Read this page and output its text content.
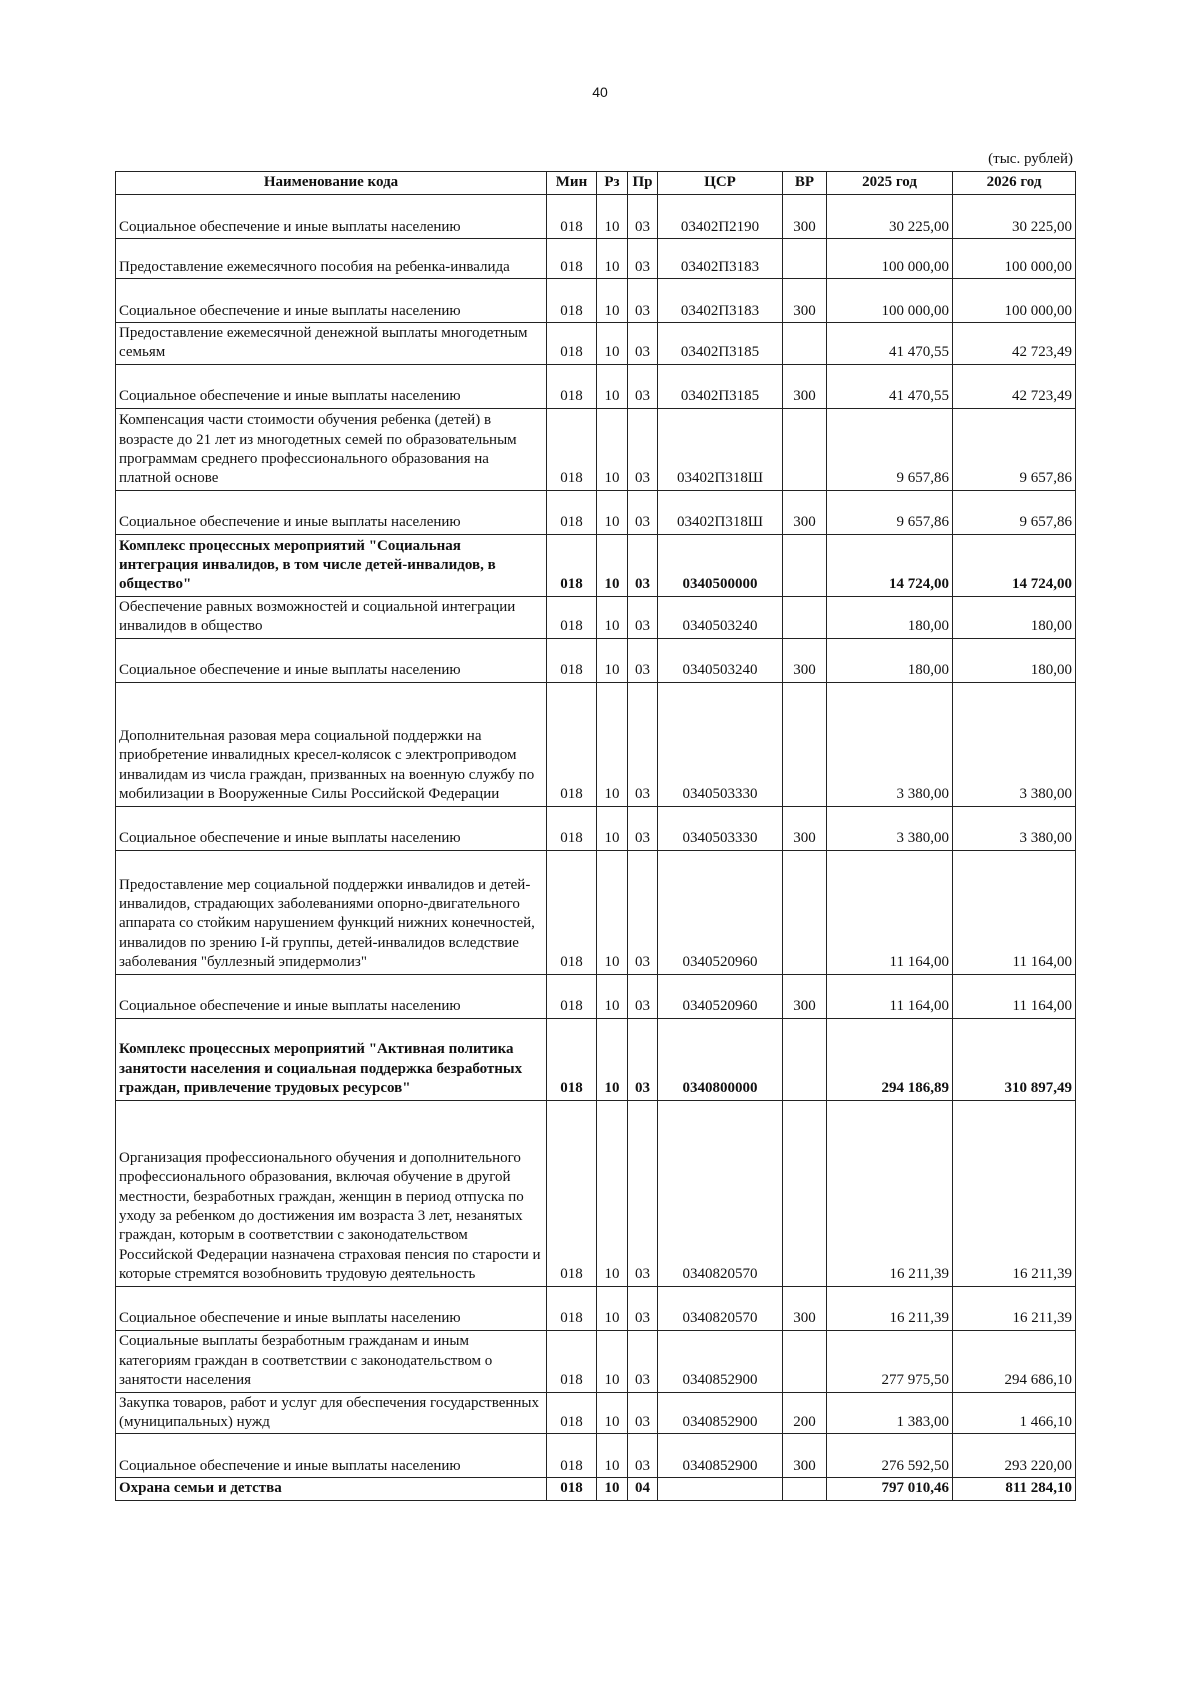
40
(тыс. рублей)
Наименование кода	Мин	Рз	Пр	ЦСР	ВР	2025 год	2026 год
Социальное обеспечение и иные выплаты населению	018	10	03	03402П2190	300	30 225,00	30 225,00
Предоставление ежемесячного пособия на ребенка-инвалида	018	10	03	03402П3183		100 000,00	100 000,00
Социальное обеспечение и иные выплаты населению	018	10	03	03402П3183	300	100 000,00	100 000,00
Предоставление ежемесячной денежной выплаты многодетным семьям	018	10	03	03402П3185		41 470,55	42 723,49
Социальное обеспечение и иные выплаты населению	018	10	03	03402П3185	300	41 470,55	42 723,49
Компенсация части стоимости обучения ребенка (детей) в возрасте до 21 лет из многодетных семей по образовательным программам среднего профессионального образования на платной основе	018	10	03	03402П318Ш		9 657,86	9 657,86
Социальное обеспечение и иные выплаты населению	018	10	03	03402П318Ш	300	9 657,86	9 657,86
Комплекс процессных мероприятий "Социальная интеграция инвалидов, в том числе детей-инвалидов, в общество"	018	10	03	0340500000		14 724,00	14 724,00
Обеспечение равных возможностей и социальной интеграции инвалидов в общество	018	10	03	0340503240		180,00	180,00
Социальное обеспечение и иные выплаты населению	018	10	03	0340503240	300	180,00	180,00
Дополнительная разовая мера социальной поддержки на приобретение инвалидных кресел-колясок с электроприводом инвалидам из числа граждан, призванных на военную службу по мобилизации в Вооруженные Силы Российской Федерации	018	10	03	0340503330		3 380,00	3 380,00
Социальное обеспечение и иные выплаты населению	018	10	03	0340503330	300	3 380,00	3 380,00
Предоставление мер социальной поддержки инвалидов и детей-инвалидов, страдающих заболеваниями опорно-двигательного аппарата со стойким нарушением функций нижних конечностей, инвалидов по зрению I-й группы, детей-инвалидов вследствие заболевания "буллезный эпидермолиз"	018	10	03	0340520960		11 164,00	11 164,00
Социальное обеспечение и иные выплаты населению	018	10	03	0340520960	300	11 164,00	11 164,00
Комплекс процессных мероприятий "Активная политика занятости населения и социальная поддержка безработных граждан, привлечение трудовых ресурсов"	018	10	03	0340800000		294 186,89	310 897,49
Организация профессионального обучения и дополнительного профессионального образования, включая обучение в другой местности, безработных граждан, женщин в период отпуска по уходу за ребенком до достижения им возраста 3 лет, незанятых граждан, которым в соответствии с законодательством Российской Федерации назначена страховая пенсия по старости и которые стремятся возобновить трудовую деятельность	018	10	03	0340820570		16 211,39	16 211,39
Социальное обеспечение и иные выплаты населению	018	10	03	0340820570	300	16 211,39	16 211,39
Социальные выплаты безработным гражданам и иным категориям граждан в соответствии с законодательством о занятости населения	018	10	03	0340852900		277 975,50	294 686,10
Закупка товаров, работ и услуг для обеспечения государственных (муниципальных) нужд	018	10	03	0340852900	200	1 383,00	1 466,10
Социальное обеспечение и иные выплаты населению	018	10	03	0340852900	300	276 592,50	293 220,00
Охрана семьи и детства	018	10	04			797 010,46	811 284,10
